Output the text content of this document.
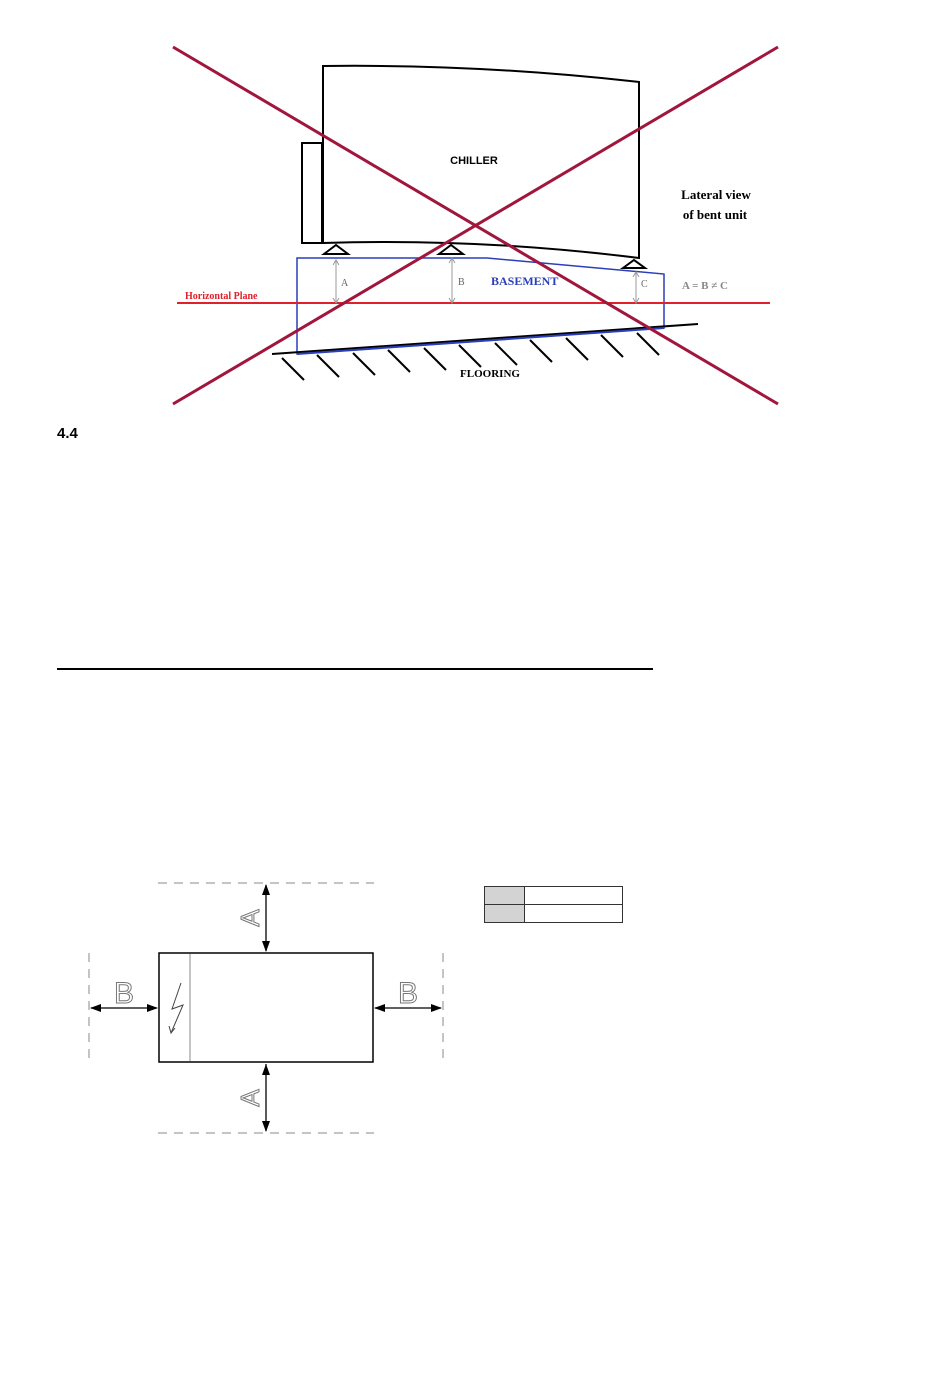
CHILLER
Lateral view
of bent unit
Horizontal Plane
BASEMENT
FLOORING
A	B	C	A = B ≠ C
4.4
A
A
B	B
